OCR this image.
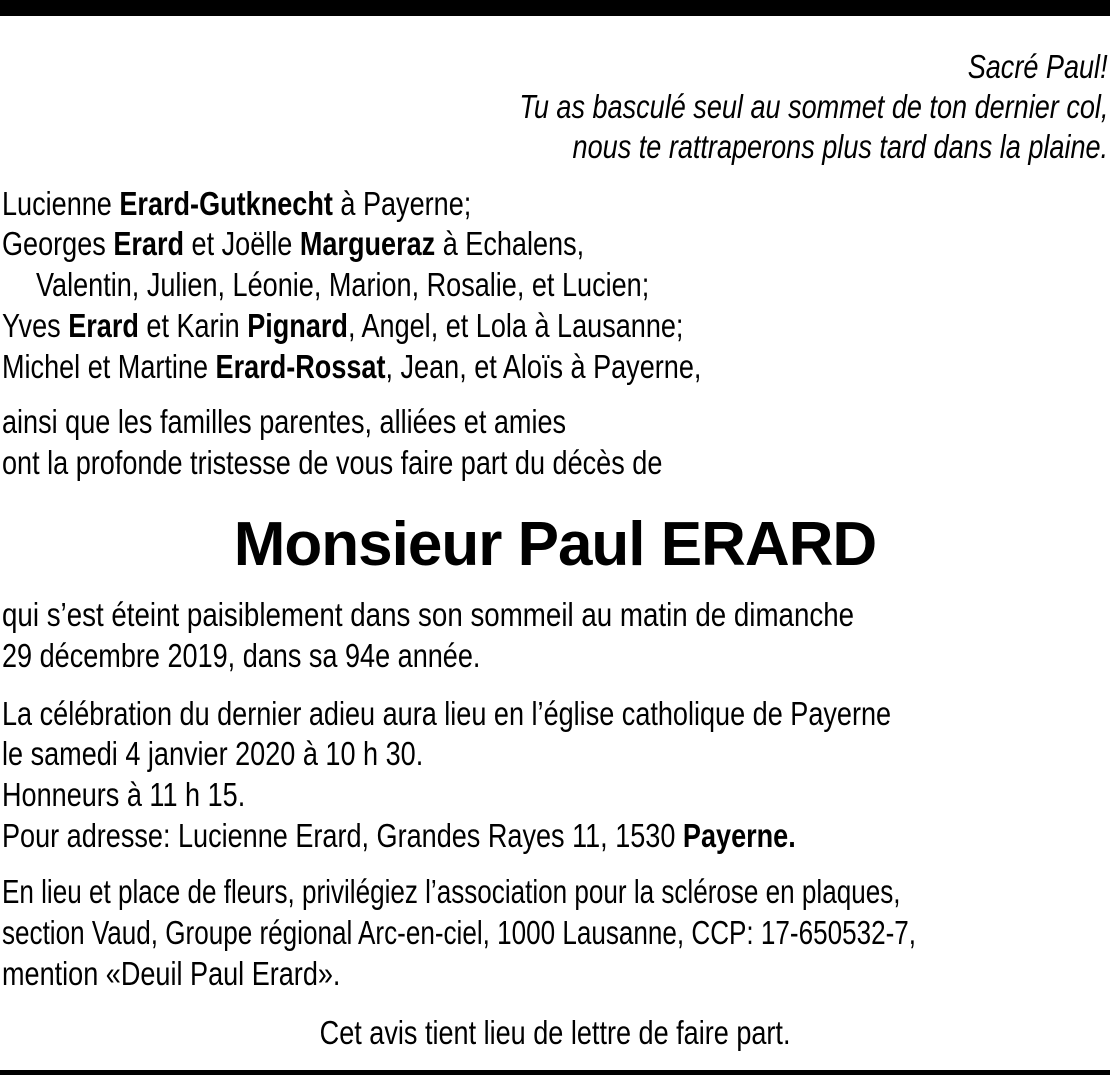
Sacré Paul!
Tu as basculé seul au sommet de ton dernier col,
nous te rattraperons plus tard dans la plaine.
Lucienne Erard-Gutknecht à Payerne;
Georges Erard et Joëlle Margueraz à Echalens,
Valentin, Julien, Léonie, Marion, Rosalie, et Lucien;
Yves Erard et Karin Pignard, Angel, et Lola à Lausanne;
Michel et Martine Erard-Rossat, Jean, et Aloïs à Payerne,
ainsi que les familles parentes, alliées et amies
ont la profonde tristesse de vous faire part du décès de
Monsieur Paul ERARD
qui s’est éteint paisiblement dans son sommeil au matin de dimanche
29 décembre 2019, dans sa 94e année.
La célébration du dernier adieu aura lieu en l’église catholique de Payerne
le samedi 4 janvier 2020 à 10 h 30.
Honneurs à 11 h 15.
Pour adresse: Lucienne Erard, Grandes Rayes 11, 1530 Payerne.
En lieu et place de fleurs, privilégiez l’association pour la sclérose en plaques,
section Vaud, Groupe régional Arc-en-ciel, 1000 Lausanne, CCP: 17-650532-7,
mention «Deuil Paul Erard».
Cet avis tient lieu de lettre de faire part.
